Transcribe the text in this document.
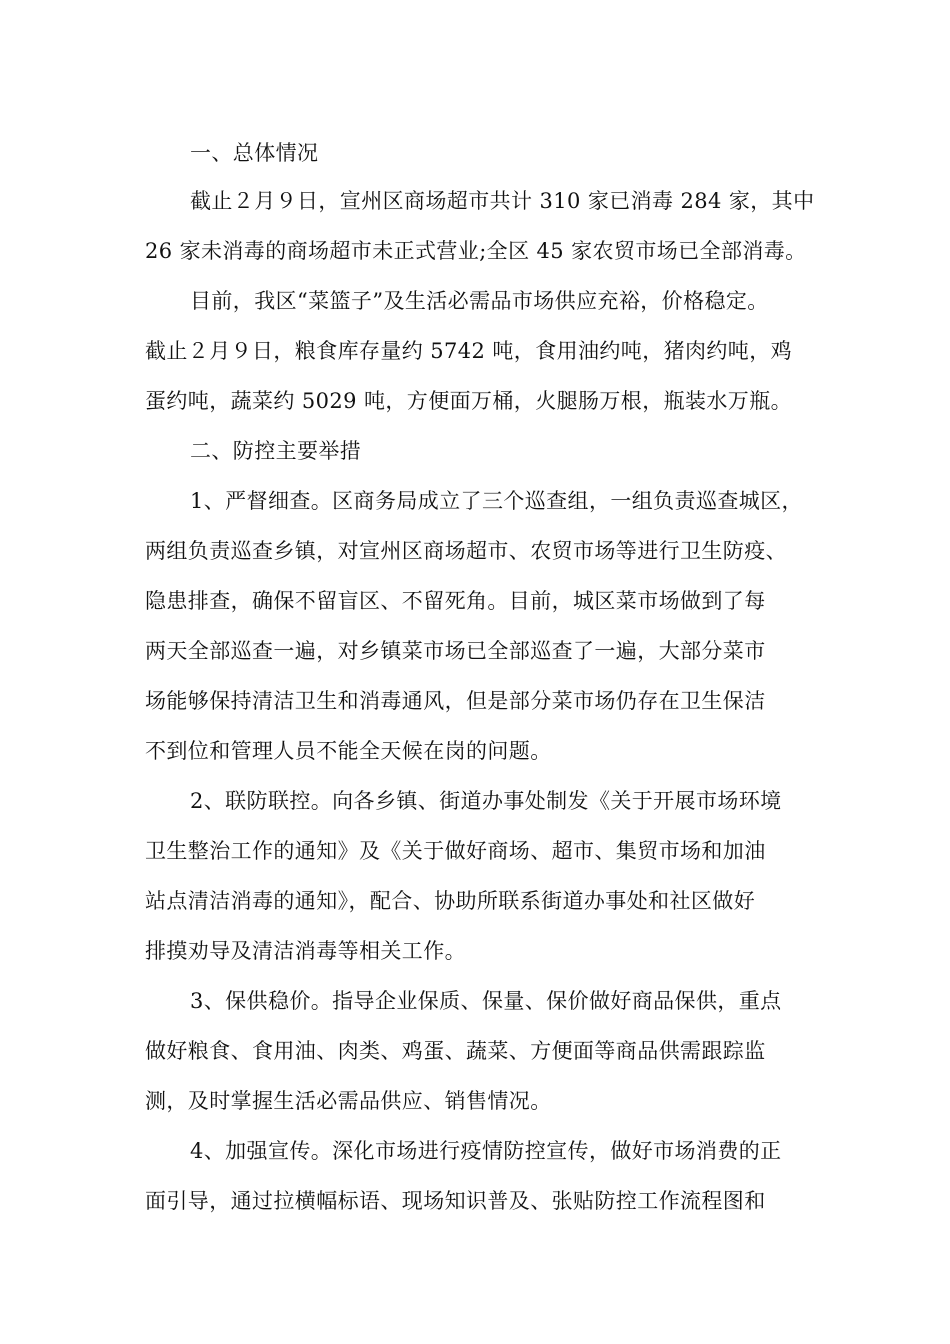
一、总体情况
截止２月９日，宣州区商场超市共计 310 家已消毒 284 家，其中
26 家未消毒的商场超市未正式营业;全区 45 家农贸市场已全部消毒。
目前，我区“菜篮子”及生活必需品市场供应充裕，价格稳定。
截止２月９日，粮食库存量约 5742 吨，食用油约吨，猪肉约吨，鸡
蛋约吨，蔬菜约 5029 吨，方便面万桶，火腿肠万根，瓶装水万瓶。
二、防控主要举措
1、严督细查。区商务局成立了三个巡查组，一组负责巡查城区，
两组负责巡查乡镇，对宣州区商场超市、农贸市场等进行卫生防疫、
隐患排查，确保不留盲区、不留死角。目前，城区菜市场做到了每
两天全部巡查一遍，对乡镇菜市场已全部巡查了一遍，大部分菜市
场能够保持清洁卫生和消毒通风，但是部分菜市场仍存在卫生保洁
不到位和管理人员不能全天候在岗的问题。
2、联防联控。向各乡镇、街道办事处制发《关于开展市场环境
卫生整治工作的通知》及《关于做好商场、超市、集贸市场和加油
站点清洁消毒的通知》，配合、协助所联系街道办事处和社区做好
排摸劝导及清洁消毒等相关工作。
3、保供稳价。指导企业保质、保量、保价做好商品保供，重点
做好粮食、食用油、肉类、鸡蛋、蔬菜、方便面等商品供需跟踪监
测，及时掌握生活必需品供应、销售情况。
4、加强宣传。深化市场进行疫情防控宣传，做好市场消费的正
面引导，通过拉横幅标语、现场知识普及、张贴防控工作流程图和
